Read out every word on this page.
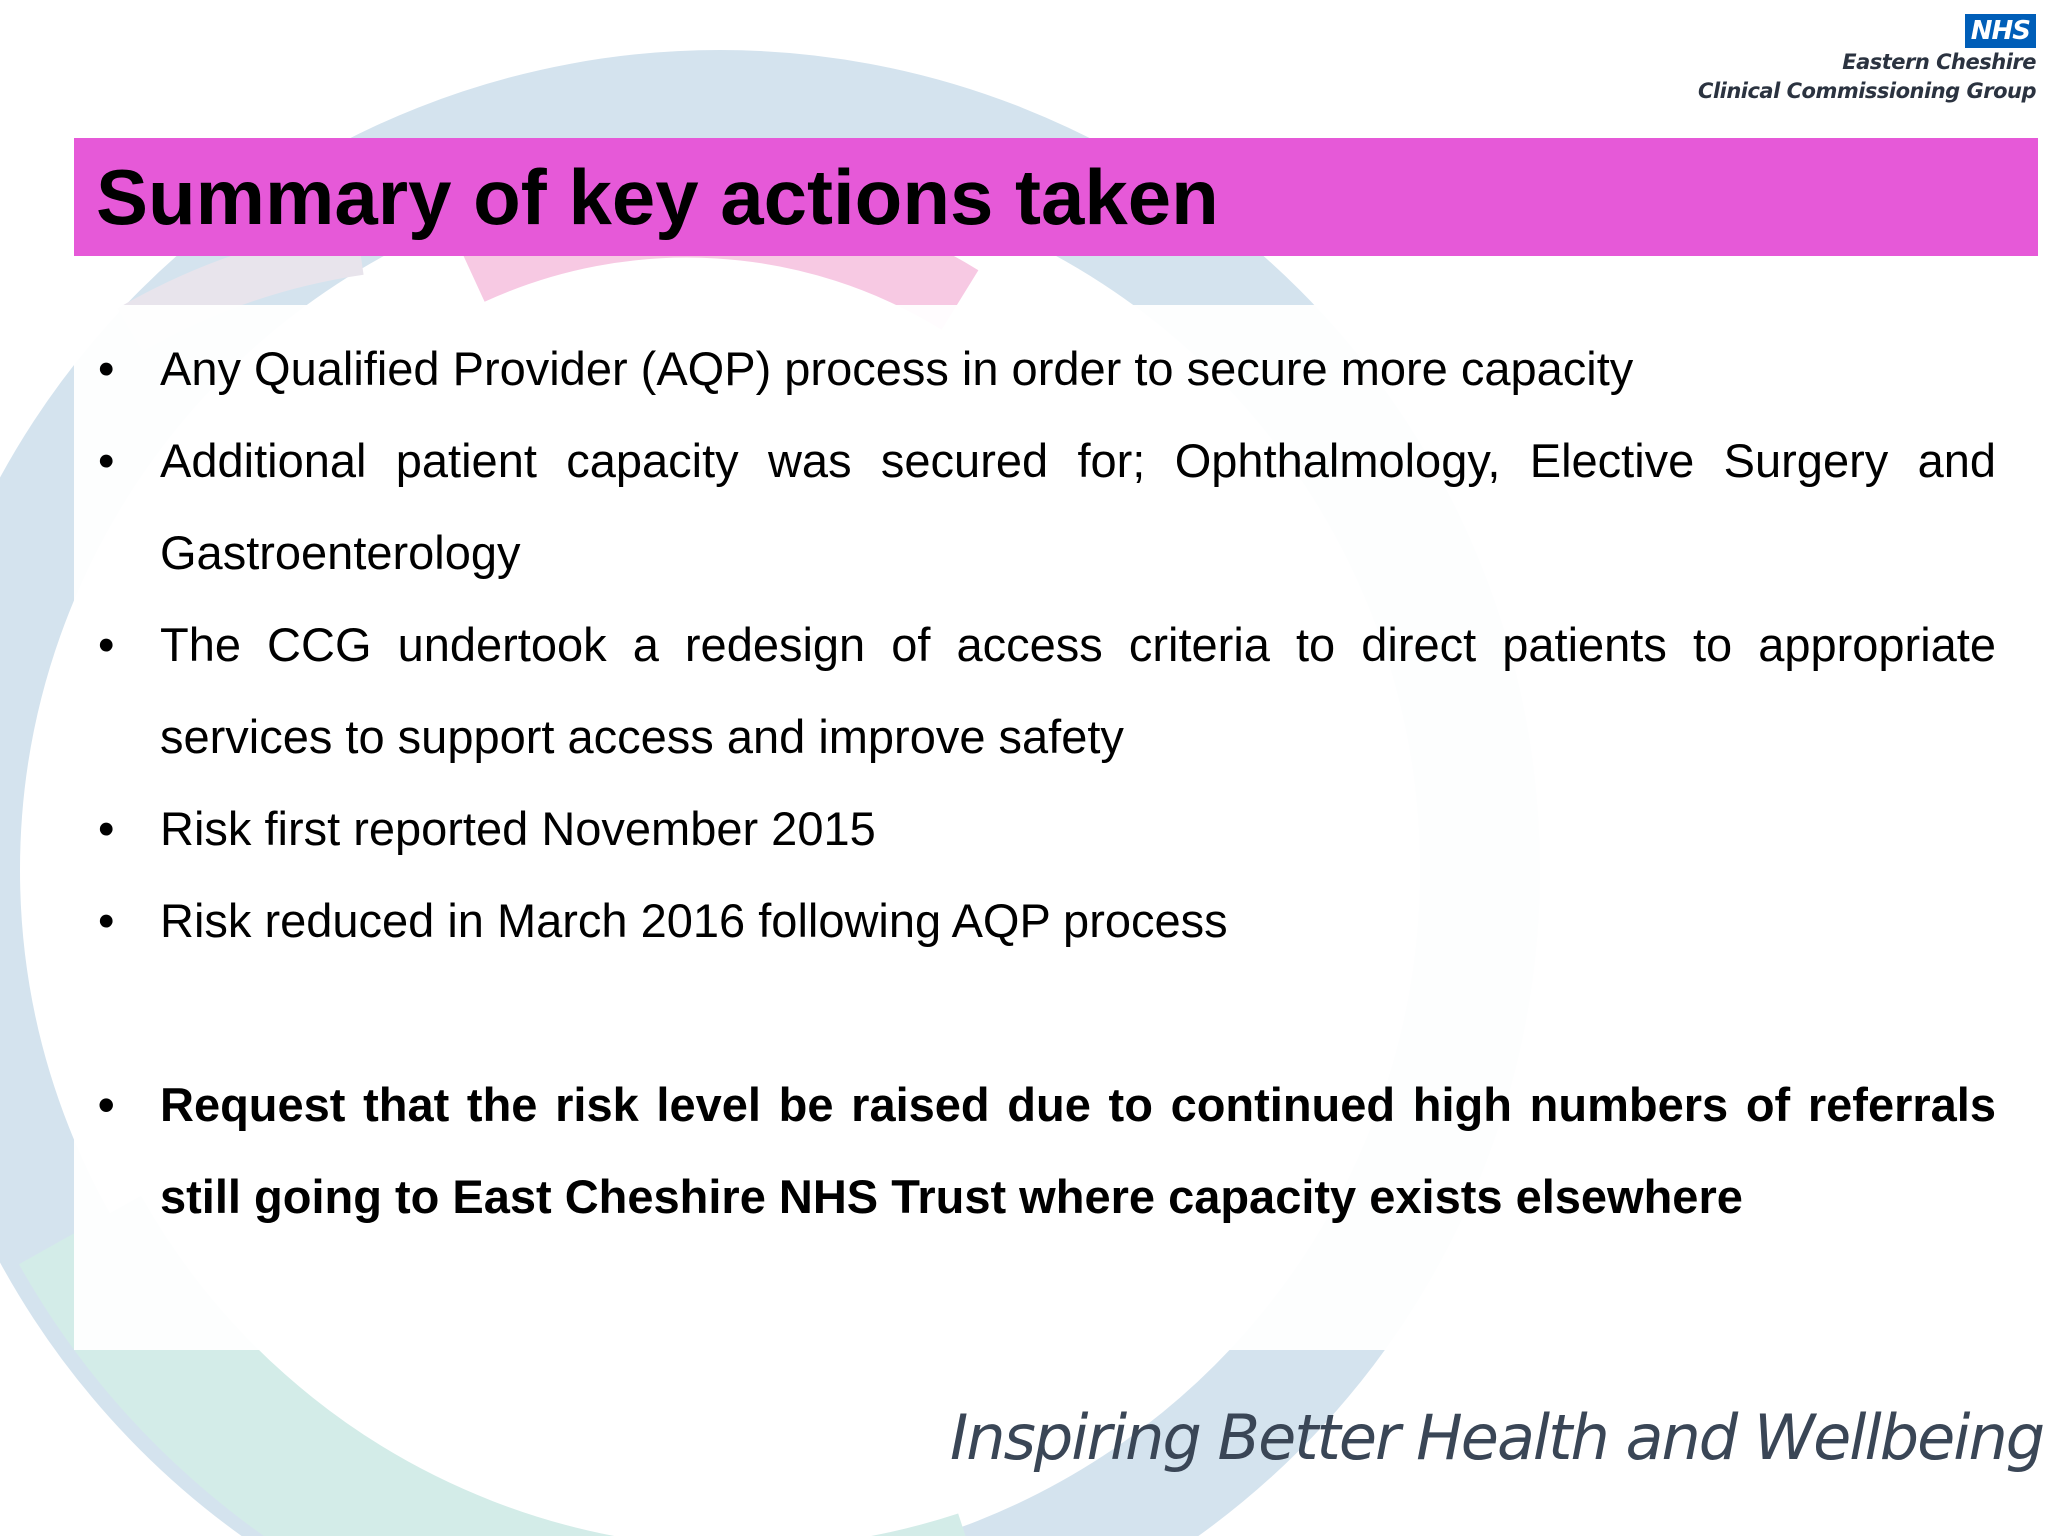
NHS
Eastern Cheshire
Clinical Commissioning Group
Summary of key actions taken
• Any Qualified Provider (AQP) process in order to secure more capacity
• Additional patient capacity was secured for; Ophthalmology, Elective Surgery and Gastroenterology
• The CCG undertook a redesign of access criteria to direct patients to appropriate services to support access and improve safety
• Risk first reported November 2015
• Risk reduced in March 2016 following AQP process
• Request that the risk level be raised due to continued high numbers of referrals still going to East Cheshire NHS Trust where capacity exists elsewhere
Inspiring Better Health and Wellbeing
